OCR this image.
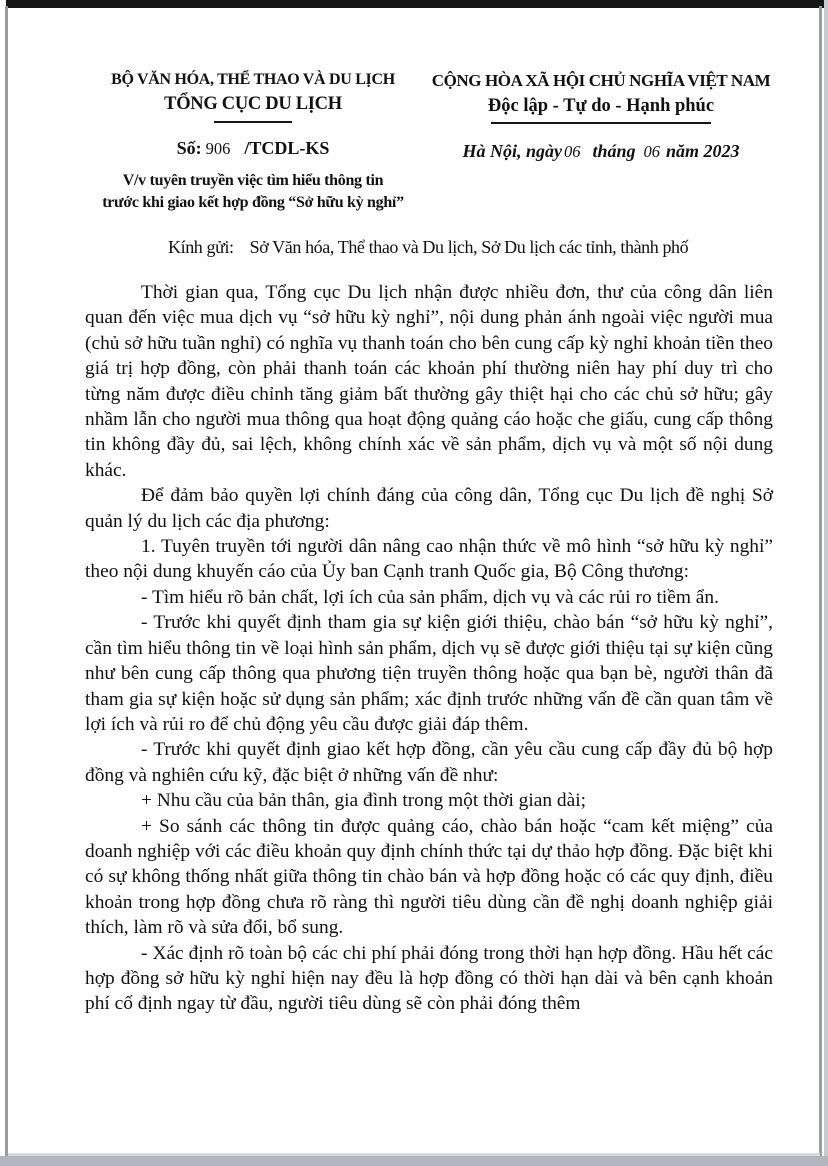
BỘ VĂN HÓA, THỂ THAO VÀ DU LỊCH
TỔNG CỤC DU LỊCH
Số: 906 /TCDL-KS
V/v tuyên truyền việc tìm hiểu thông tin
trước khi giao kết hợp đồng “Sở hữu kỳ nghỉ”
CỘNG HÒA XÃ HỘI CHỦ NGHĨA VIỆT NAM
Độc lập - Tự do - Hạnh phúc
Hà Nội, ngày 06 tháng 06 năm 2023
Kính gửi: Sở Văn hóa, Thể thao và Du lịch, Sở Du lịch các tỉnh, thành phố

Thời gian qua, Tổng cục Du lịch nhận được nhiều đơn, thư của công dân liên quan đến việc mua dịch vụ “sở hữu kỳ nghỉ”, nội dung phản ánh ngoài việc người mua (chủ sở hữu tuần nghỉ) có nghĩa vụ thanh toán cho bên cung cấp kỳ nghỉ khoản tiền theo giá trị hợp đồng, còn phải thanh toán các khoản phí thường niên hay phí duy trì cho từng năm được điều chỉnh tăng giảm bất thường gây thiệt hại cho các chủ sở hữu; gây nhầm lẫn cho người mua thông qua hoạt động quảng cáo hoặc che giấu, cung cấp thông tin không đầy đủ, sai lệch, không chính xác về sản phẩm, dịch vụ và một số nội dung khác.

Để đảm bảo quyền lợi chính đáng của công dân, Tổng cục Du lịch đề nghị Sở quản lý du lịch các địa phương:

1. Tuyên truyền tới người dân nâng cao nhận thức về mô hình “sở hữu kỳ nghỉ” theo nội dung khuyến cáo của Ủy ban Cạnh tranh Quốc gia, Bộ Công thương:

- Tìm hiểu rõ bản chất, lợi ích của sản phẩm, dịch vụ và các rủi ro tiềm ẩn.

- Trước khi quyết định tham gia sự kiện giới thiệu, chào bán “sở hữu kỳ nghỉ”, cần tìm hiểu thông tin về loại hình sản phẩm, dịch vụ sẽ được giới thiệu tại sự kiện cũng như bên cung cấp thông qua phương tiện truyền thông hoặc qua bạn bè, người thân đã tham gia sự kiện hoặc sử dụng sản phẩm; xác định trước những vấn đề cần quan tâm về lợi ích và rủi ro để chủ động yêu cầu được giải đáp thêm.

- Trước khi quyết định giao kết hợp đồng, cần yêu cầu cung cấp đầy đủ bộ hợp đồng và nghiên cứu kỹ, đặc biệt ở những vấn đề như:

+ Nhu cầu của bản thân, gia đình trong một thời gian dài;

+ So sánh các thông tin được quảng cáo, chào bán hoặc “cam kết miệng” của doanh nghiệp với các điều khoản quy định chính thức tại dự thảo hợp đồng. Đặc biệt khi có sự không thống nhất giữa thông tin chào bán và hợp đồng hoặc có các quy định, điều khoản trong hợp đồng chưa rõ ràng thì người tiêu dùng cần đề nghị doanh nghiệp giải thích, làm rõ và sửa đổi, bổ sung.

- Xác định rõ toàn bộ các chi phí phải đóng trong thời hạn hợp đồng. Hầu hết các hợp đồng sở hữu kỳ nghỉ hiện nay đều là hợp đồng có thời hạn dài và bên cạnh khoản phí cố định ngay từ đầu, người tiêu dùng sẽ còn phải đóng thêm
